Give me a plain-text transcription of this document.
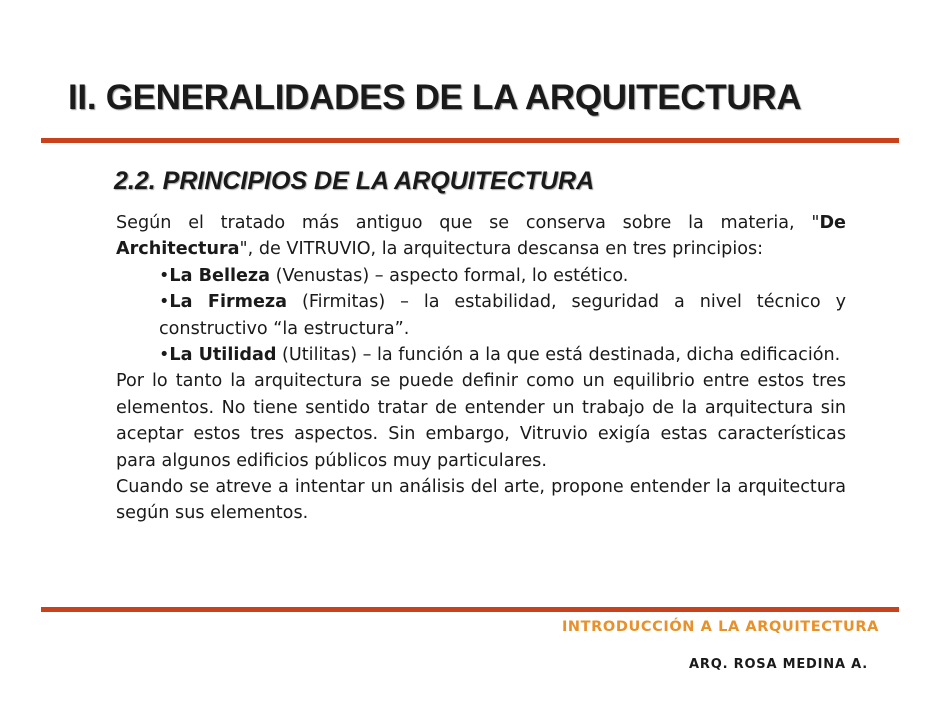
II. GENERALIDADES DE LA ARQUITECTURA
2.2. PRINCIPIOS DE LA ARQUITECTURA

Según el tratado más antiguo que se conserva sobre la materia, "De Architectura", de VITRUVIO, la arquitectura descansa en tres principios:

•La Belleza (Venustas) – aspecto formal, lo estético.

•La Firmeza (Firmitas) – la estabilidad, seguridad a nivel técnico y constructivo “la estructura”.

•La Utilidad (Utilitas) – la función a la que está destinada, dicha edificación.

Por lo tanto la arquitectura se puede definir como un equilibrio entre estos tres elementos. No tiene sentido tratar de entender un trabajo de la arquitectura sin aceptar estos tres aspectos. Sin embargo, Vitruvio exigía estas características para algunos edificios públicos muy particulares.

Cuando se atreve a intentar un análisis del arte, propone entender la arquitectura según sus elementos.

INTRODUCCIÓN A LA ARQUITECTURA
ARQ. ROSA MEDINA A.
